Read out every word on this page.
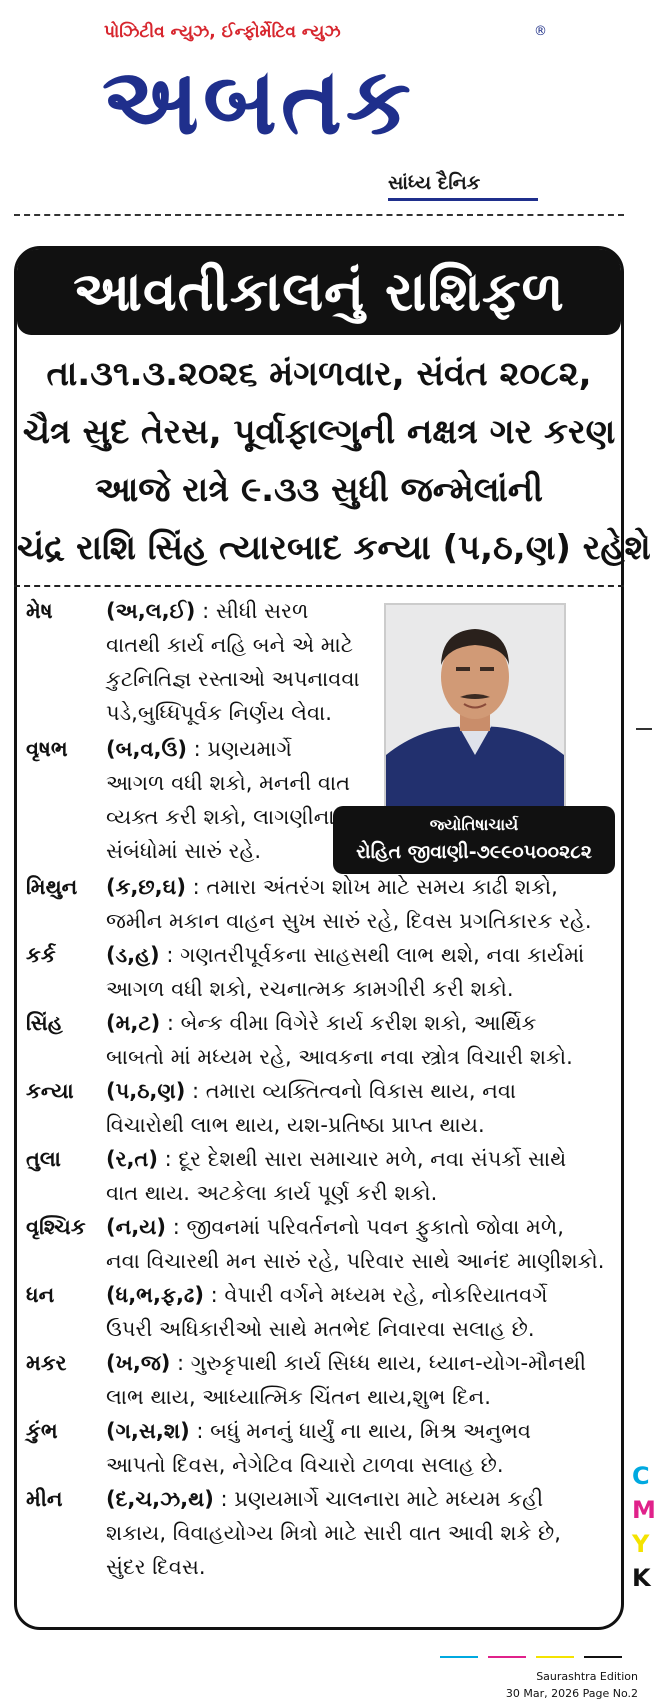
પોઝિટીવ ન્યુઝ, ઈન્ફોર્મેટિવ ન્યુઝ	®
અબતક
સાંધ્ય દૈનિક
આવતીકાલનું રાશિફળ
તા.૩૧.૩.૨૦૨૬ મંગળવાર, સંવંત ૨૦૮૨,
ચૈત્ર સુદ તેરસ, પૂર્વાફાલ્ગુની નક્ષત્ર ગર કરણ
આજે રાત્રે ૯.૩૩ સુધી જન્મેલાંની
ચંદ્ર રાશિ સિંહ ત્યારબાદ કન્યા (પ,ઠ,ણ) રહેશે
જ્યોતિષાચાર્ય
રોહિત જીવાણી-૭૯૯૦૫૦૦૨૮૨
મેષ	(અ,લ,ઈ) : સીધી સરળ
વાતથી કાર્ય નહિ બને એ માટે
કુટનિતિજ્ઞ રસ્તાઓ અપનાવવા
પડે,બુધ્ધિપૂર્વક નિર્ણય લેવા.
વૃષભ	(બ,વ,ઉ) : પ્રણયમાર્ગે
આગળ વધી શકો, મનની વાત
વ્યક્ત કરી શકો, લાગણીના
સંબંધોમાં સારું રહે.
મિથુન	(ક,છ,ઘ) : તમારા અંતરંગ શોખ માટે સમય કાઢી શકો,
જમીન મકાન વાહન સુખ સારું રહે, દિવસ પ્રગતિકારક રહે.
કર્ક	(ડ,હ) : ગણતરીપૂર્વકના સાહસથી લાભ થશે, નવા કાર્યમાં
આગળ વધી શકો, રચનાત્મક કામગીરી કરી શકો.
સિંહ	(મ,ટ) : બેન્ક વીમા વિગેરે કાર્ય કરીશ શકો, આર્થિક
બાબતો માં મધ્યમ રહે, આવકના નવા સ્ત્રોત્ર વિચારી શકો.
કન્યા	(પ,ઠ,ણ) : તમારા વ્યક્તિત્વનો વિકાસ થાય, નવા
વિચારોથી લાભ થાય, યશ-પ્રતિષ્ઠા પ્રાપ્ત થાય.
તુલા	(ર,ત) : દૂર દેશથી સારા સમાચાર મળે, નવા સંપર્કો સાથે
વાત થાય. અટકેલા કાર્ય પૂર્ણ કરી શકો.
વૃશ્ચિક (ન,ય) : જીવનમાં પરિવર્તનનો પવન ફુકાતો જોવા મળે,
નવા વિચારથી મન સારું રહે, પરિવાર સાથે આનંદ માણીશકો.
ધન	(ધ,ભ,ફ,ઢ) : વેપારી વર્ગને મધ્યમ રહે, નોકરિયાતવર્ગે
ઉપરી અધિકારીઓ સાથે મતભેદ નિવારવા સલાહ છે.
મકર	(ખ,જ) : ગુરુકૃપાથી કાર્ય સિધ્ધ થાય, ધ્યાન-યોગ-મૌનથી
લાભ થાય, આધ્યાત્મિક ચિંતન થાય,શુભ દિન.
કુંભ	(ગ,સ,શ) : બધું મનનું ધાર્યું ના થાય, મિશ્ર અનુભવ
આપતો દિવસ, નેગેટિવ વિચારો ટાળવા સલાહ છે.
મીન	(દ,ચ,ઝ,થ) : પ્રણયમાર્ગે ચાલનારા માટે મધ્યમ કહી
શકાય, વિવાહયોગ્ય મિત્રો માટે સારી વાત આવી શકે છે,
સુંદર દિવસ.
C
M
Y
K
Saurashtra Edition
30 Mar, 2026 Page No.2
